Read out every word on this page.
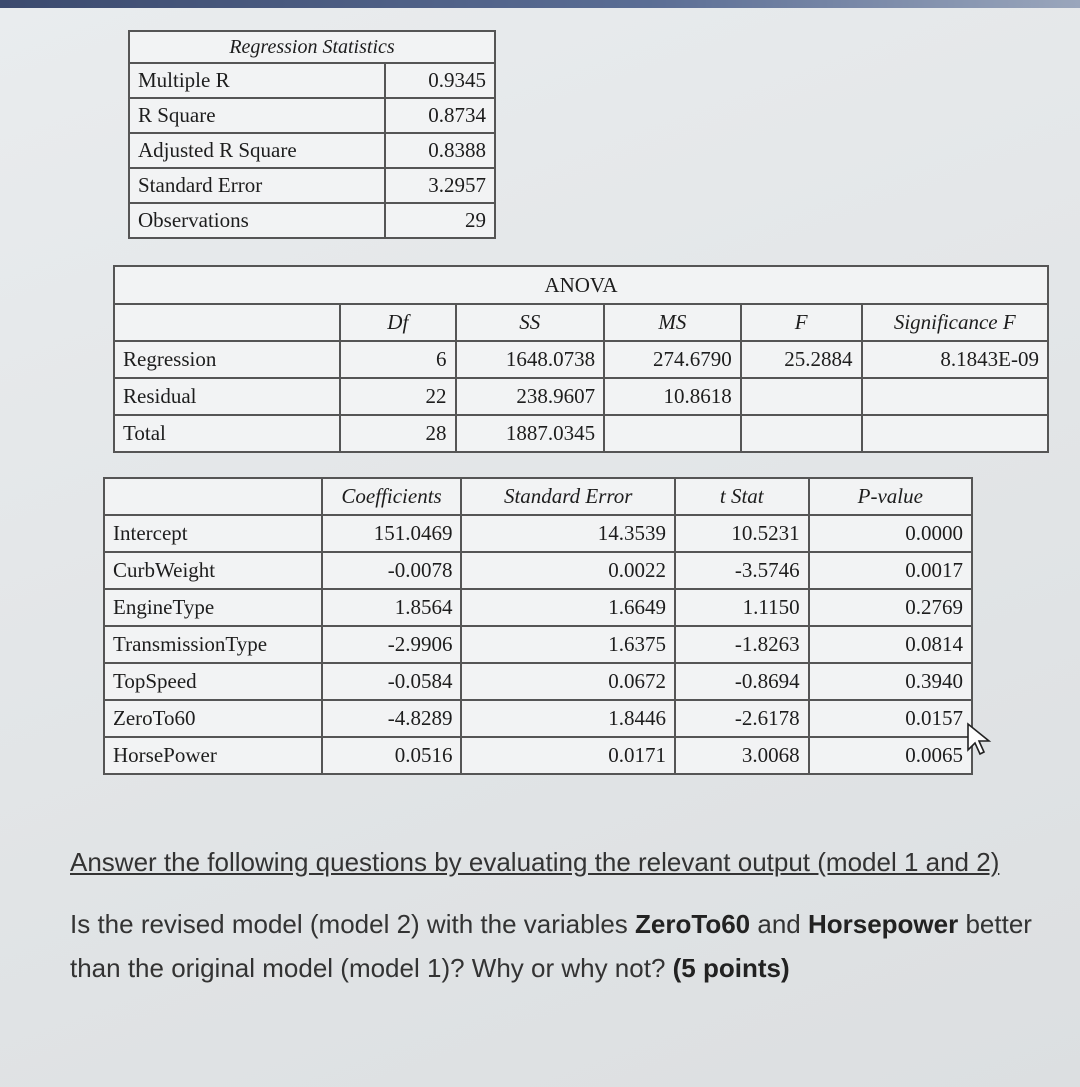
Regression Statistics	
Multiple R	0.9345
R Square	0.8734
Adjusted R Square	0.8388
Standard Error	3.2957
Observations	29
ANOVA					
	Df	SS	MS	F	Significance F
Regression	6	1648.0738	274.6790	25.2884	8.1843E-09
Residual	22	238.9607	10.8618		
Total	28	1887.0345			
	Coefficients	Standard Error	t Stat	P-value
Intercept	151.0469	14.3539	10.5231	0.0000
CurbWeight	-0.0078	0.0022	-3.5746	0.0017
EngineType	1.8564	1.6649	1.1150	0.2769
TransmissionType	-2.9906	1.6375	-1.8263	0.0814
TopSpeed	-0.0584	0.0672	-0.8694	0.3940
ZeroTo60	-4.8289	1.8446	-2.6178	0.0157
HorsePower	0.0516	0.0171	3.0068	0.0065

Answer the following questions by evaluating the relevant output (model 1 and 2)

Is the revised model (model 2) with the variables ZeroTo60 and Horsepower better than the original model (model 1)? Why or why not? (5 points)
